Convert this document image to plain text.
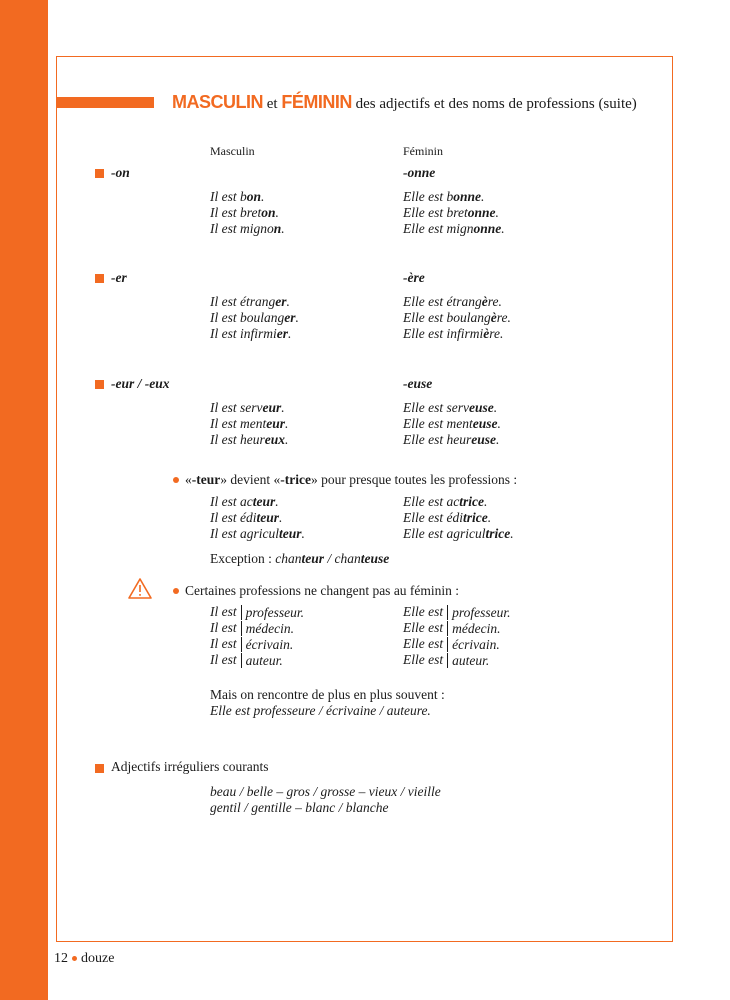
MASCULIN et FÉMININ des adjectifs et des noms de professions (suite)
Masculin	Féminin
-on	-onne
Il est bon.	Elle est bonne.
Il est breton.	Elle est bretonne.
Il est mignon.	Elle est mignonne.
-er	-ère
Il est étranger.	Elle est étrangère.
Il est boulanger.	Elle est boulangère.
Il est infirmier.	Elle est infirmière.
-eur / -eux	-euse
Il est serveur.	Elle est serveuse.
Il est menteur.	Elle est menteuse.
Il est heureux.	Elle est heureuse.
«-teur» devient «-trice» pour presque toutes les professions :
Il est acteur.	Elle est actrice.
Il est éditeur.	Elle est éditrice.
Il est agriculteur.	Elle est agricultrice.
Exception : chanteur / chanteuse
Certaines professions ne changent pas au féminin :
Il est professeur.	Elle est professeur.
Il est médecin.	Elle est médecin.
Il est écrivain.	Elle est écrivain.
Il est auteur.	Elle est auteur.
Mais on rencontre de plus en plus souvent :
Elle est professeure / écrivaine / auteure.
Adjectifs irréguliers courants
beau / belle – gros / grosse – vieux / vieille
gentil / gentille – blanc / blanche
12 douze
